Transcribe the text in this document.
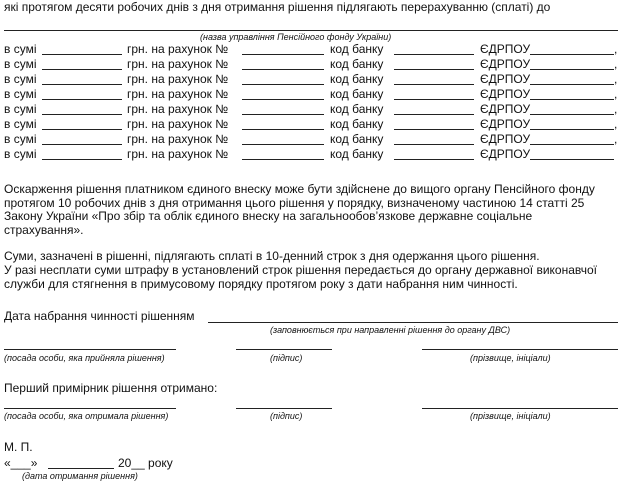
які протягом десяти робочих днів з дня отримання рішення підлягають перерахуванню (сплаті) до
(назва управління Пенсійного фонду України)
в сумі	грн. на рахунок №	код банку	ЄДРПОУ	,
в сумі	грн. на рахунок №	код банку	ЄДРПОУ	,
в сумі	грн. на рахунок №	код банку	ЄДРПОУ	,
в сумі	грн. на рахунок №	код банку	ЄДРПОУ	,
в сумі	грн. на рахунок №	код банку	ЄДРПОУ	,
в сумі	грн. на рахунок №	код банку	ЄДРПОУ	,
в сумі	грн. на рахунок №	код банку	ЄДРПОУ	,
в сумі	грн. на рахунок №	код банку	ЄДРПОУ
Оскарження рішення платником єдиного внеску може бути здійснене до вищого органу Пенсійного фонду протягом 10 робочих днів з дня отримання цього рішення у порядку, визначеному частиною 14 статті 25 Закону України «Про збір та облік єдиного внеску на загальнообов’язкове державне соціальне страхування».
Суми, зазначені в рішенні, підлягають сплаті в 10-денний строк з дня одержання цього рішення.
У разі несплати суми штрафу в установлений строк рішення передається до органу державної виконавчої служби для стягнення в примусовому порядку протягом року з дати набрання ним чинності.
Дата набрання чинності рішенням
(заповнюється при направленні рішення до органу ДВС)
(посада особи, яка прийняла рішення)	(підпис)	(прізвище, ініціали)
Перший примірник рішення отримано:
(посада особи, яка отримала рішення)	(підпис)	(прізвище, ініціали)
М. П.
«___»	20__ року
(дата отримання рішення)
